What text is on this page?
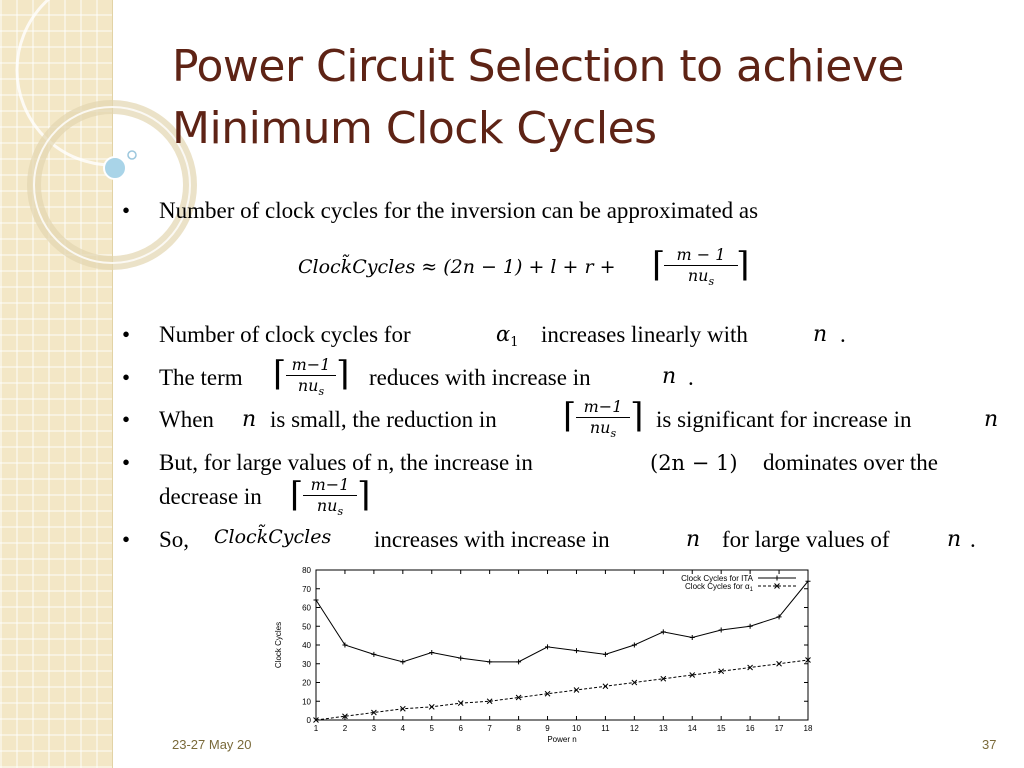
Power Circuit Selection to achieve Minimum Clock Cycles
• Number of clock cycles for the inversion can be approximated as
Clock̃Cycles ≈ (2n − 1) + l + r + ⌈ m − 1
$nu_s$ ⌉
• Number of clock cycles for	$\alpha_1$ increases linearly with	n .
• The term ⌈ m−1
$nu_s$ ⌉ reduces with increase in	n .
• When n is small, the reduction in ⌈ m−1
$nu_s$ ⌉ is significant for increase in	n
• But, for large values of n, the increase in	(2n − 1) dominates over the
decrease in ⌈ m−1
$nu_s$ ⌉
• So, Clock̃Cycles increases with increase in	n for large values of	n .
0
10
20
30
40
50
60
70
80
1	2	3	4	5	6	7	8	9	10	11	12	13	14	15	16	17	18
Power n
Clock Cycles
Clock Cycles for ITA
Clock Cycles for $\alpha_1$
23-27 May 20	37
